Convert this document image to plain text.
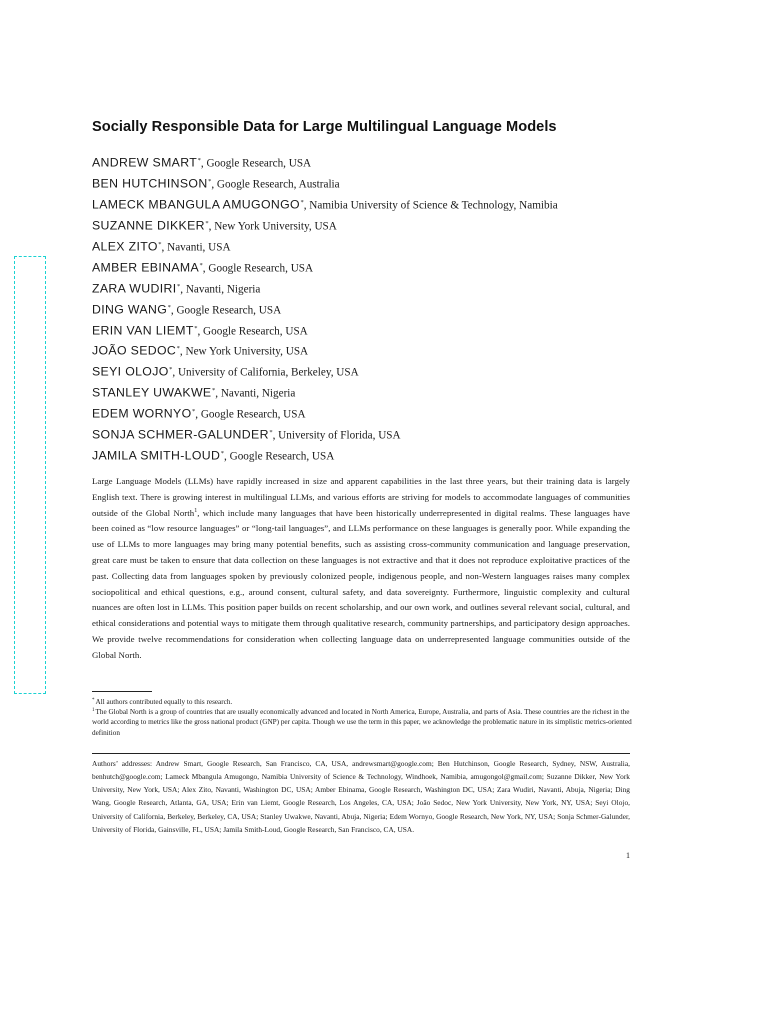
Socially Responsible Data for Large Multilingual Language Models
ANDREW SMART*, Google Research, USA
BEN HUTCHINSON*, Google Research, Australia
LAMECK MBANGULA AMUGONGO*, Namibia University of Science & Technology, Namibia
SUZANNE DIKKER*, New York University, USA
ALEX ZITO*, Navanti, USA
AMBER EBINAMA*, Google Research, USA
ZARA WUDIRI*, Navanti, Nigeria
DING WANG*, Google Research, USA
ERIN VAN LIEMT*, Google Research, USA
JOÃO SEDOC*, New York University, USA
SEYI OLOJO*, University of California, Berkeley, USA
STANLEY UWAKWE*, Navanti, Nigeria
EDEM WORNYO*, Google Research, USA
SONJA SCHMER-GALUNDER*, University of Florida, USA
JAMILA SMITH-LOUD*, Google Research, USA

Large Language Models (LLMs) have rapidly increased in size and apparent capabilities in the last three years, but their training data is largely English text. There is growing interest in multilingual LLMs, and various efforts are striving for models to accommodate languages of communities outside of the Global North$^1$, which include many languages that have been historically underrepresented in digital realms. These languages have been coined as “low resource languages” or “long-tail languages”, and LLMs performance on these languages is generally poor. While expanding the use of LLMs to more languages may bring many potential benefits, such as assisting cross-community communication and language preservation, great care must be taken to ensure that data collection on these languages is not extractive and that it does not reproduce exploitative practices of the past. Collecting data from languages spoken by previously colonized people, indigenous people, and non-Western languages raises many complex sociopolitical and ethical questions, e.g., around consent, cultural safety, and data sovereignty. Furthermore, linguistic complexity and cultural nuances are often lost in LLMs. This position paper builds on recent scholarship, and our own work, and outlines several relevant social, cultural, and ethical considerations and potential ways to mitigate them through qualitative research, community partnerships, and participatory design approaches. We provide twelve recommendations for consideration when collecting language data on underrepresented language communities outside of the Global North.

*All authors contributed equally to this research.

$^1$The Global North is a group of countries that are usually economically advanced and located in North America, Europe, Australia, and parts of Asia. These countries are the richest in the world according to metrics like the gross national product (GNP) per capita. Though we use the term in this paper, we acknowledge the problematic nature in its simplistic metrics-oriented definition

Authors’ addresses: Andrew Smart, Google Research, San Francisco, CA, USA, andrewsmart@google.com; Ben Hutchinson, Google Research, Sydney, NSW, Australia, benhutch@google.com; Lameck Mbangula Amugongo, Namibia University of Science & Technology, Windhoek, Namibia, amugongol@gmail.com; Suzanne Dikker, New York University, New York, USA; Alex Zito, Navanti, Washington DC, USA; Amber Ebinama, Google Research, Washington DC, USA; Zara Wudiri, Navanti, Abuja, Nigeria; Ding Wang, Google Research, Atlanta, GA, USA; Erin van Liemt, Google Research, Los Angeles, CA, USA; João Sedoc, New York University, New York, NY, USA; Seyi Olojo, University of California, Berkeley, Berkeley, CA, USA; Stanley Uwakwe, Navanti, Abuja, Nigeria; Edem Wornyo, Google Research, New York, NY, USA; Sonja Schmer-Galunder, University of Florida, Gainsville, FL, USA; Jamila Smith-Loud, Google Research, San Francisco, CA, USA.

1
